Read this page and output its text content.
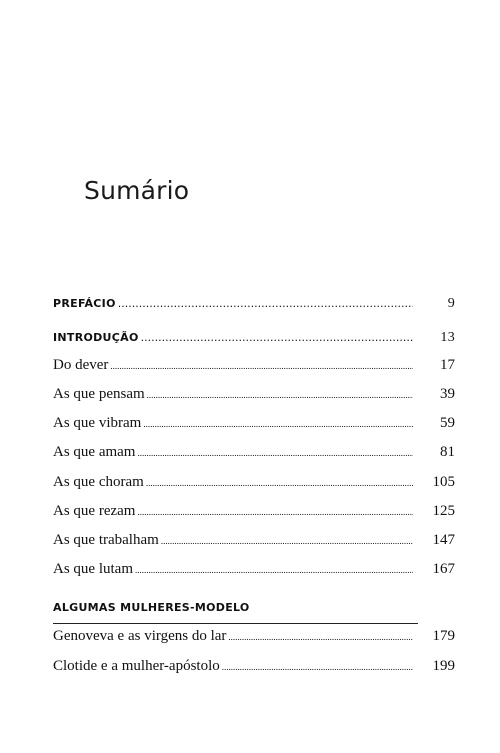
Sumário
PREFÁCIO .....	9
INTRODUÇÃO .....	13
Do dever .....	17
As que pensam .....	39
As que vibram .....	59
As que amam .....	81
As que choram .....	105
As que rezam .....	125
As que trabalham .....	147
As que lutam .....	167
ALGUMAS MULHERES-MODELO
Genoveva e as virgens do lar .....	179
Clotide e a mulher-apóstolo .....	199
